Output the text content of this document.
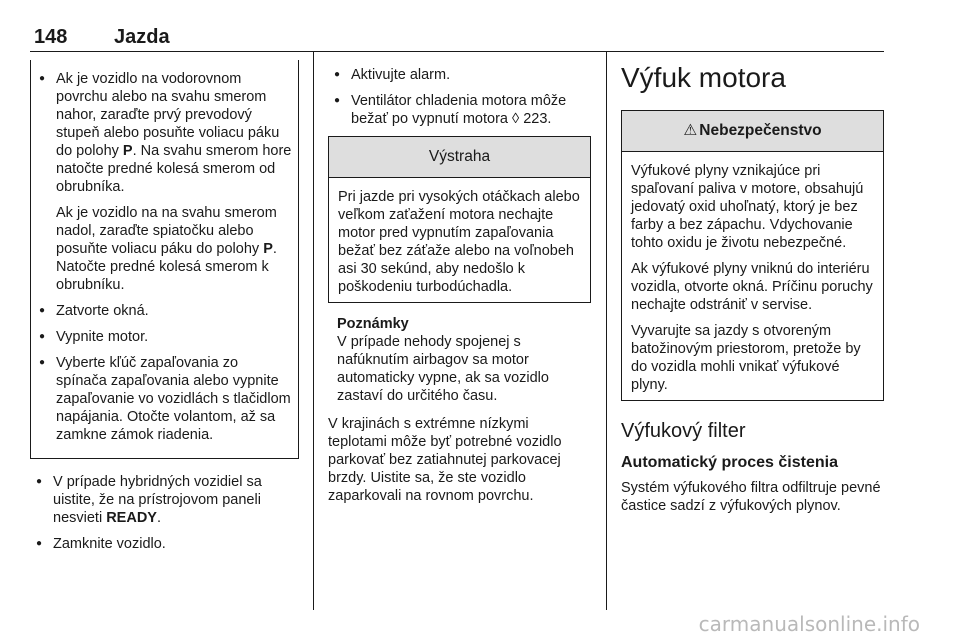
148 Jazda

● Ak je vozidlo na vodorovnom povrchu alebo na svahu smerom nahor, zaraďte prvý prevodový stupeň alebo posuňte voliacu páku do polohy P. Na svahu smerom hore natočte predné kolesá smerom od obrubníka.

Ak je vozidlo na na svahu smerom nadol, zaraďte spiatočku alebo posuňte voliacu páku do polohy P. Natočte predné kolesá smerom k obrubníku.

● Zatvorte okná.
● Vypnite motor.
● Vyberte kľúč zapaľovania zo spínača zapaľovania alebo vypnite zapaľovanie vo vozidlách s tlačidlom napájania. Otočte volantom, až sa zamkne zámok riadenia.
● V prípade hybridných vozidiel sa uistite, že na prístrojovom paneli nesvieti READY.
● Zamknite vozidlo.
● Aktivujte alarm.
● Ventilátor chladenia motora môže bežať po vypnutí motora ◊ 223.
Výstraha
Pri jazde pri vysokých otáčkach alebo veľkom zaťažení motora nechajte motor pred vypnutím zapaľovania bežať bez záťaže alebo na voľnobeh asi 30 sekúnd, aby nedošlo k poškodeniu turbodúchadla.
Poznámky
V prípade nehody spojenej s nafúknutím airbagov sa motor automaticky vypne, ak sa vozidlo zastaví do určitého času.

V krajinách s extrémne nízkymi teplotami môže byť potrebné vozidlo parkovať bez zatiahnutej parkovacej brzdy. Uistite sa, že ste vozidlo zaparkovali na rovnom povrchu.

Výfuk motora
⚠ Nebezpečenstvo

Výfukové plyny vznikajúce pri spaľovaní paliva v motore, obsahujú jedovatý oxid uhoľnatý, ktorý je bez farby a bez zápachu. Vdychovanie tohto oxidu je životu nebezpečné.

Ak výfukové plyny vniknú do interiéru vozidla, otvorte okná. Príčinu poruchy nechajte odstrániť v servise.

Vyvarujte sa jazdy s otvoreným batožinovým priestorom, pretože by do vozidla mohli vnikať výfukové plyny.

Výfukový filter
Automatický proces čistenia

Systém výfukového filtra odfiltruje pevné častice sadzí z výfukových plynov.

carmanualsonline.info
